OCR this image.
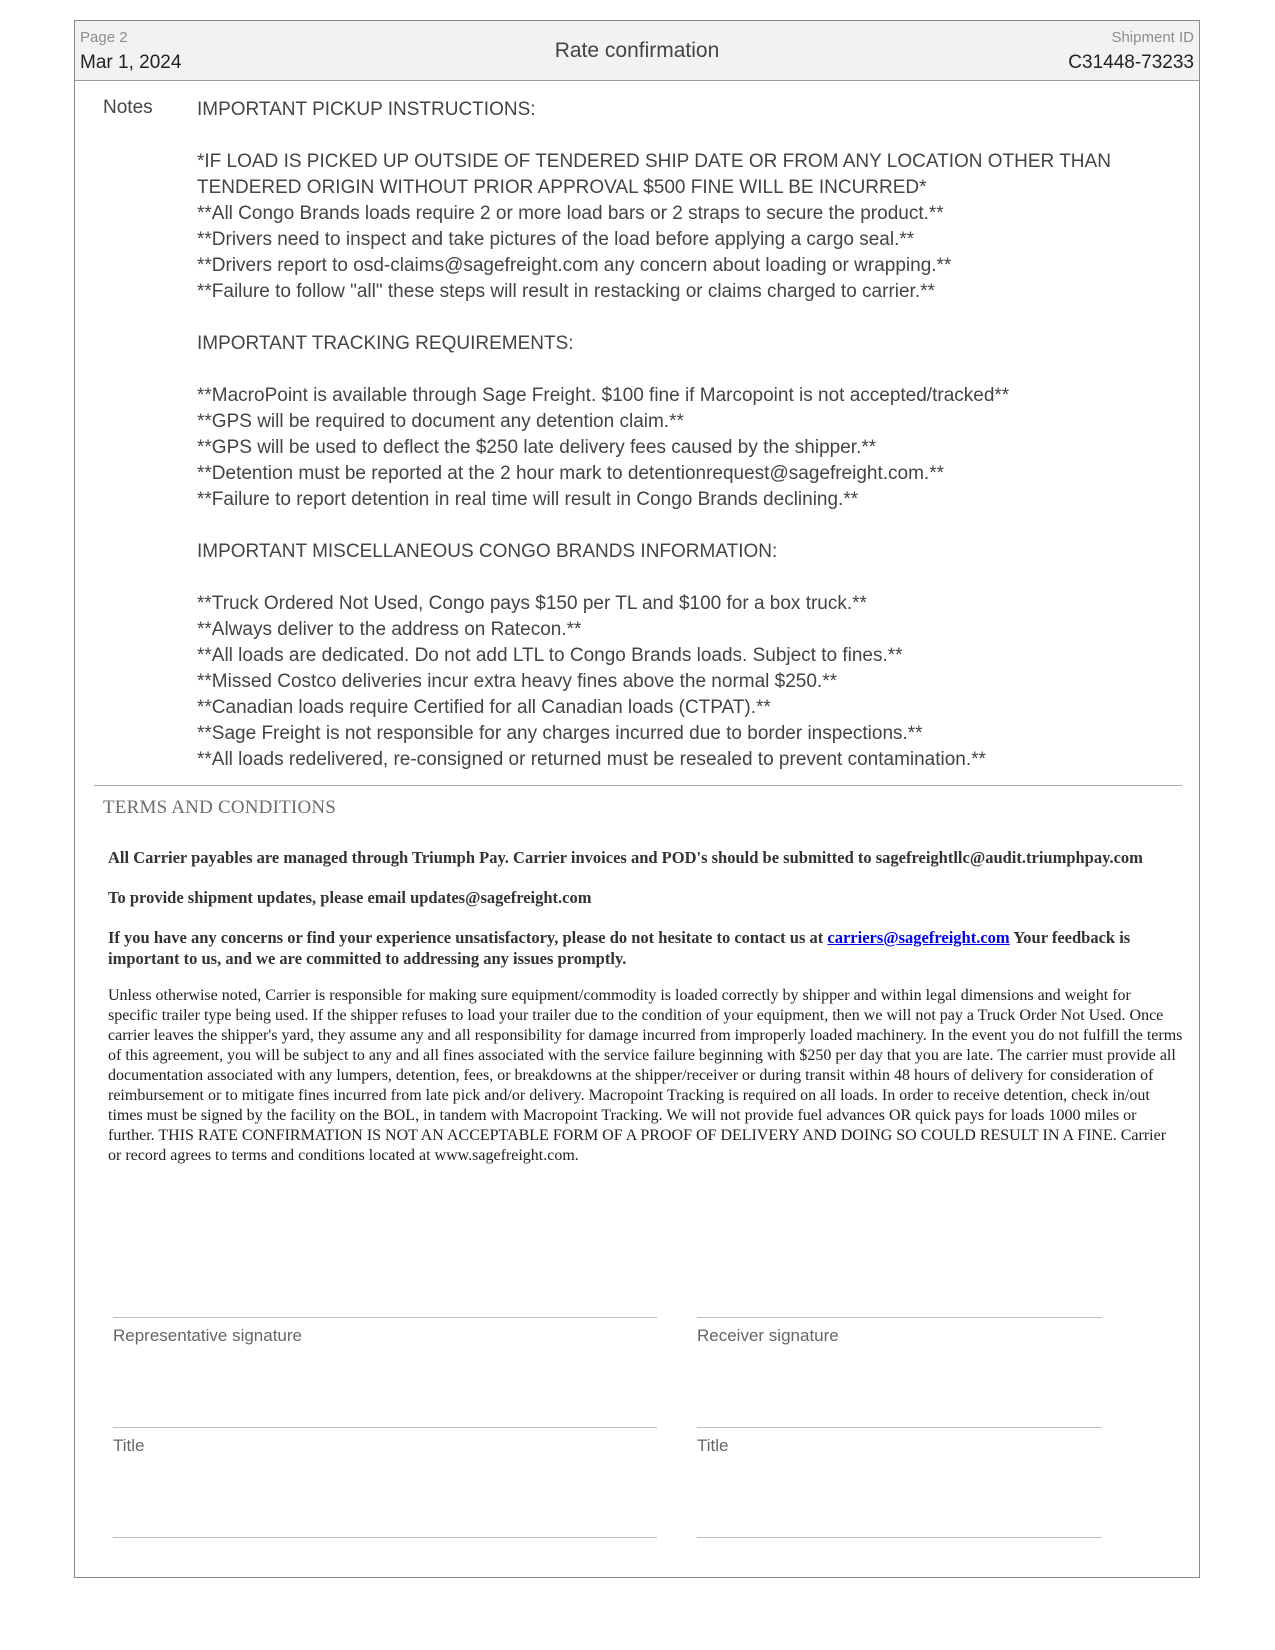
Page 2
Mar 1, 2024
Rate confirmation
Shipment ID
C31448-73233
Notes IMPORTANT PICKUP INSTRUCTIONS:
*IF LOAD IS PICKED UP OUTSIDE OF TENDERED SHIP DATE OR FROM ANY LOCATION OTHER THAN
TENDERED ORIGIN WITHOUT PRIOR APPROVAL $500 FINE WILL BE INCURRED*
**All Congo Brands loads require 2 or more load bars or 2 straps to secure the product.**
**Drivers need to inspect and take pictures of the load before applying a cargo seal.**
**Drivers report to osd-claims@sagefreight.com any concern about loading or wrapping.**
**Failure to follow "all" these steps will result in restacking or claims charged to carrier.**
IMPORTANT TRACKING REQUIREMENTS:
**MacroPoint is available through Sage Freight. $100 fine if Marcopoint is not accepted/tracked**
**GPS will be required to document any detention claim.**
**GPS will be used to deflect the $250 late delivery fees caused by the shipper.**
**Detention must be reported at the 2 hour mark to detentionrequest@sagefreight.com.**
**Failure to report detention in real time will result in Congo Brands declining.**
IMPORTANT MISCELLANEOUS CONGO BRANDS INFORMATION:
**Truck Ordered Not Used, Congo pays $150 per TL and $100 for a box truck.**
**Always deliver to the address on Ratecon.**
**All loads are dedicated. Do not add LTL to Congo Brands loads. Subject to fines.**
**Missed Costco deliveries incur extra heavy fines above the normal $250.**
**Canadian loads require Certified for all Canadian loads (CTPAT).**
**Sage Freight is not responsible for any charges incurred due to border inspections.**
**All loads redelivered, re-consigned or returned must be resealed to prevent contamination.**
TERMS AND CONDITIONS
All Carrier payables are managed through Triumph Pay. Carrier invoices and POD's should be submitted to sagefreightllc@audit.triumphpay.com
To provide shipment updates, please email updates@sagefreight.com
If you have any concerns or find your experience unsatisfactory, please do not hesitate to contact us at carriers@sagefreight.com Your feedback is important to us, and we are committed to addressing any issues promptly.
Unless otherwise noted, Carrier is responsible for making sure equipment/commodity is loaded correctly by shipper and within legal dimensions and weight for specific trailer type being used. If the shipper refuses to load your trailer due to the condition of your equipment, then we will not pay a Truck Order Not Used. Once carrier leaves the shipper's yard, they assume any and all responsibility for damage incurred from improperly loaded machinery. In the event you do not fulfill the terms of this agreement, you will be subject to any and all fines associated with the service failure beginning with $250 per day that you are late. The carrier must provide all documentation associated with any lumpers, detention, fees, or breakdowns at the shipper/receiver or during transit within 48 hours of delivery for consideration of reimbursement or to mitigate fines incurred from late pick and/or delivery. Macropoint Tracking is required on all loads. In order to receive detention, check in/out times must be signed by the facility on the BOL, in tandem with Macropoint Tracking. We will not provide fuel advances OR quick pays for loads 1000 miles or further. THIS RATE CONFIRMATION IS NOT AN ACCEPTABLE FORM OF A PROOF OF DELIVERY AND DOING SO COULD RESULT IN A FINE. Carrier or record agrees to terms and conditions located at www.sagefreight.com.
Representative signature	Receiver signature
Title	Title
